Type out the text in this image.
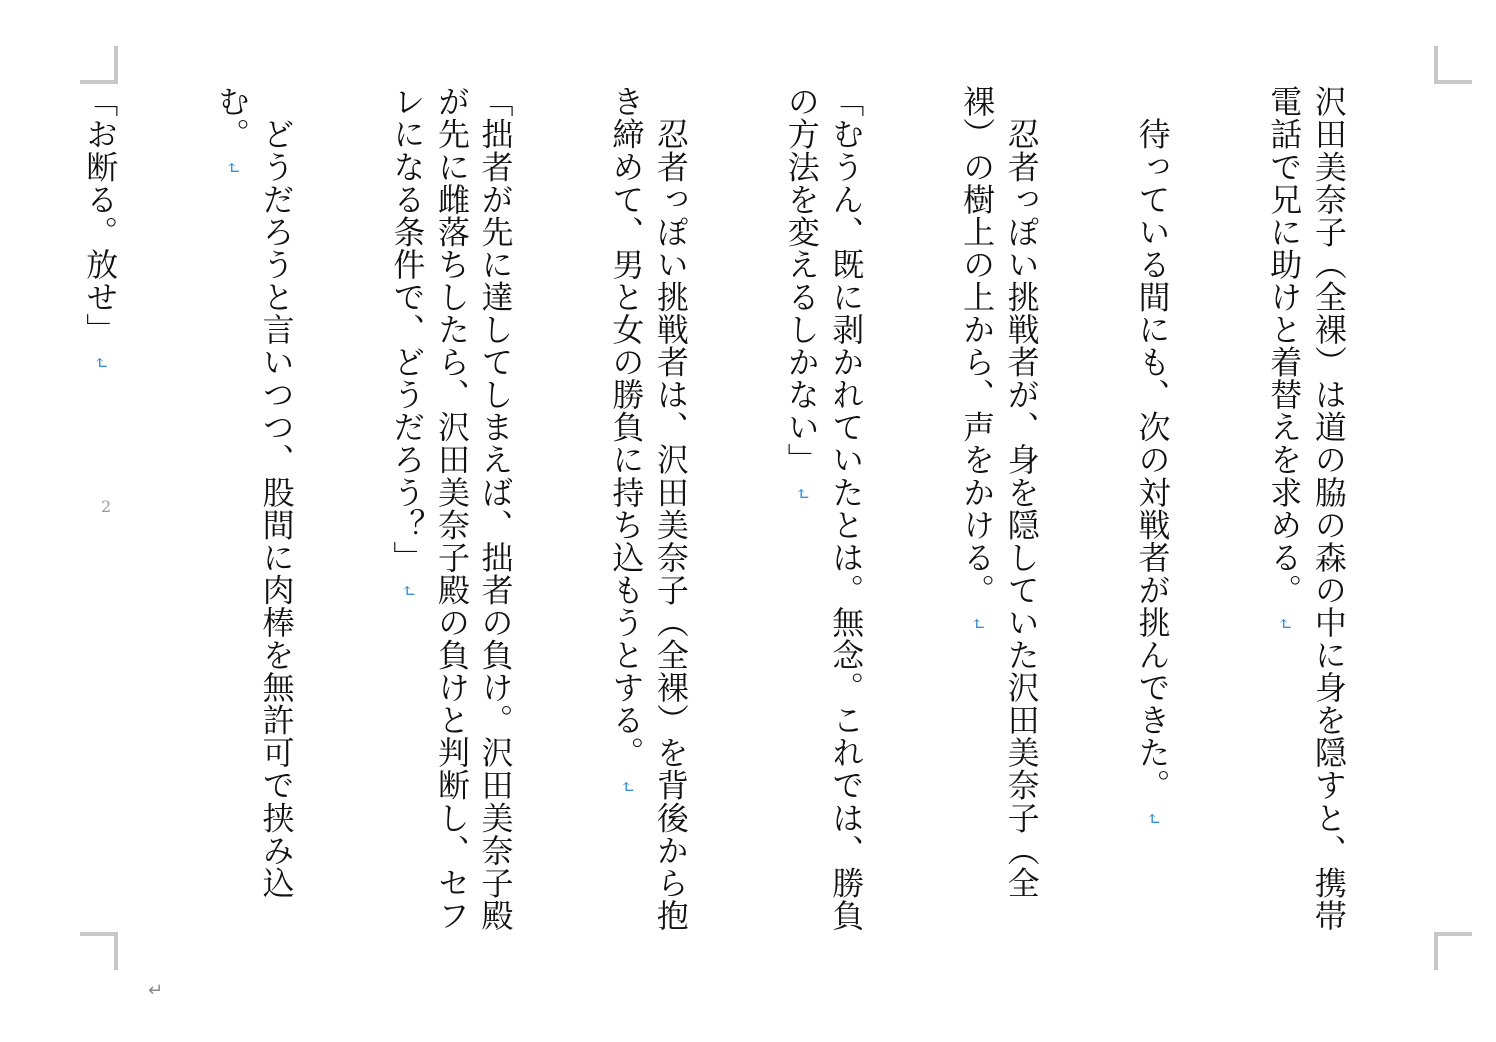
沢田美奈子（全裸）は道の脇の森の中に身を隠すと、携帯電話で兄に助けと着替えを求める。↵

　待っている間にも、次の対戦者が挑んできた。↵

　忍者っぽい挑戦者が、身を隠していた沢田美奈子（全裸）の樹上の上から、声をかける。↵

「むうん、既に剥かれていたとは。無念。これでは、勝負の方法を変えるしかない」↵

　忍者っぽい挑戦者は、沢田美奈子（全裸）を背後から抱き締めて、男と女の勝負に持ち込もうとする。↵

「拙者が先に達してしまえば、拙者の負け。沢田美奈子殿が先に雌落ちしたら、沢田美奈子殿の負けと判断し、セフレになる条件で、どうだろう？」↵

　どうだろうと言いつつ、股間に肉棒を無許可で挟み込む。↵

「お断る。放せ」↵

2
↵
